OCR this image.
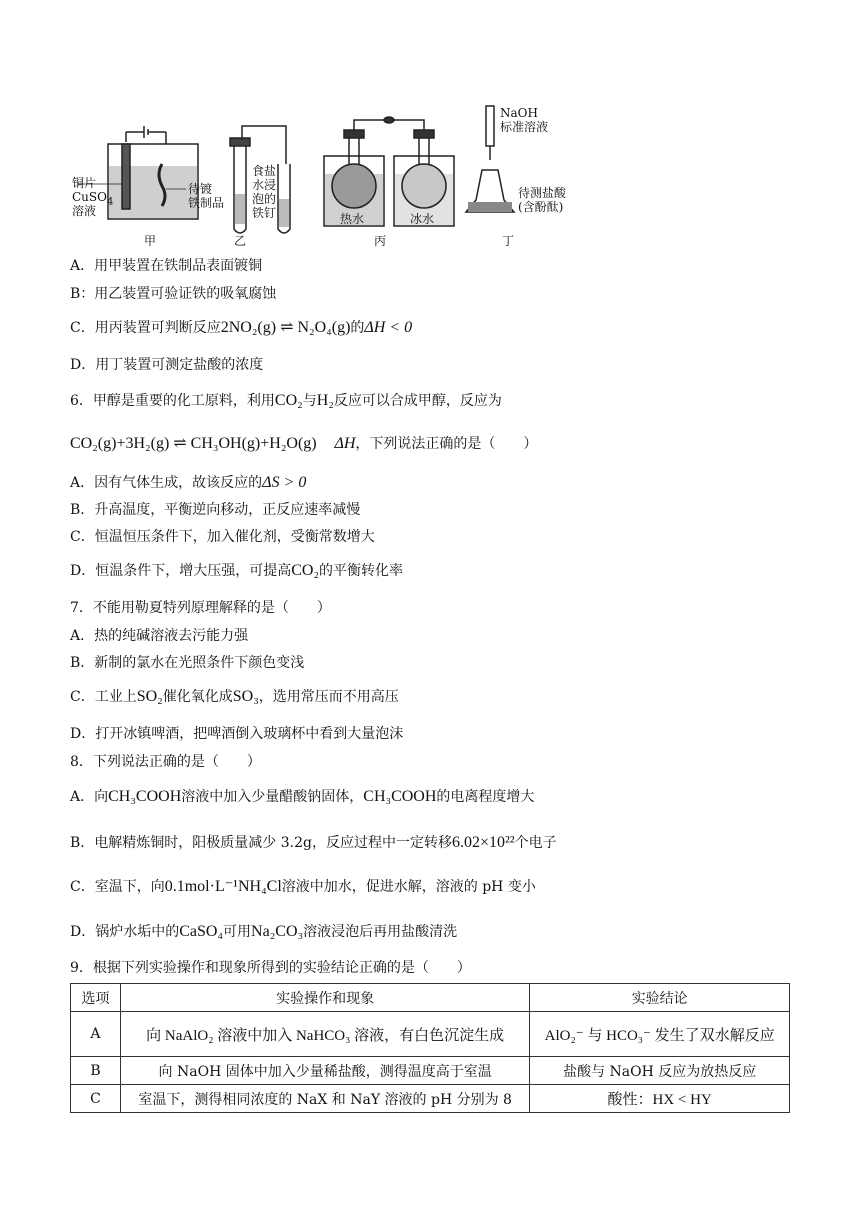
铜片
CuSO$_4$
溶液
待镀
铁制品
食盐
水浸
泡的
铁钉	热水	冰水
NaOH
标准溶液
待测盐酸
(含酚酞)
甲	乙	丙	丁
A．用甲装置在铁制品表面镀铜
B：用乙装置可验证铁的吸氧腐蚀
C．用丙装置可判断反应2NO₂(g) ⇌ N₂O₄(g)的ΔH < 0
D．用丁装置可测定盐酸的浓度
6．甲醇是重要的化工原料，利用CO₂与H₂反应可以合成甲醇，反应为
CO₂(g)+3H₂(g) ⇌ CH₃OH(g)+H₂O(g) ΔH，下列说法正确的是（　　）
A．因有气体生成，故该反应的ΔS > 0
B．升高温度，平衡逆向移动，正反应速率减慢
C．恒温恒压条件下，加入催化剂，受衡常数增大
D．恒温条件下，增大压强，可提高CO₂的平衡转化率
7．不能用勒夏特列原理解释的是（　　）
A．热的纯碱溶液去污能力强
B．新制的氯水在光照条件下颜色变浅
C．工业上SO₂催化氧化成SO₃，选用常压而不用高压
D．打开冰镇啤酒，把啤酒倒入玻璃杯中看到大量泡沫
8．下列说法正确的是（　　）
A．向CH₃COOH溶液中加入少量醋酸钠固体，CH₃COOH的电离程度增大
B．电解精炼铜时，阳极质量减少 3.2g，反应过程中一定转移6.02×10²²个电子
C．室温下，向0.1mol·L⁻¹NH₄Cl溶液中加水，促进水解，溶液的 pH 变小
D．锅炉水垢中的CaSO₄可用Na₂CO₃溶液浸泡后再用盐酸清洗
9．根据下列实验操作和现象所得到的实验结论正确的是（　　）
选项	实验操作和现象	实验结论
A	向 NaAlO₂ 溶液中加入 NaHCO₃ 溶液，有白色沉淀生成	AlO₂⁻ 与 HCO₃⁻ 发生了双水解反应
B	向 NaOH 固体中加入少量稀盐酸，测得温度高于室温	盐酸与 NaOH 反应为放热反应
C	室温下，测得相同浓度的 NaX 和 NaY 溶液的 pH 分别为 8	酸性：HX < HY
